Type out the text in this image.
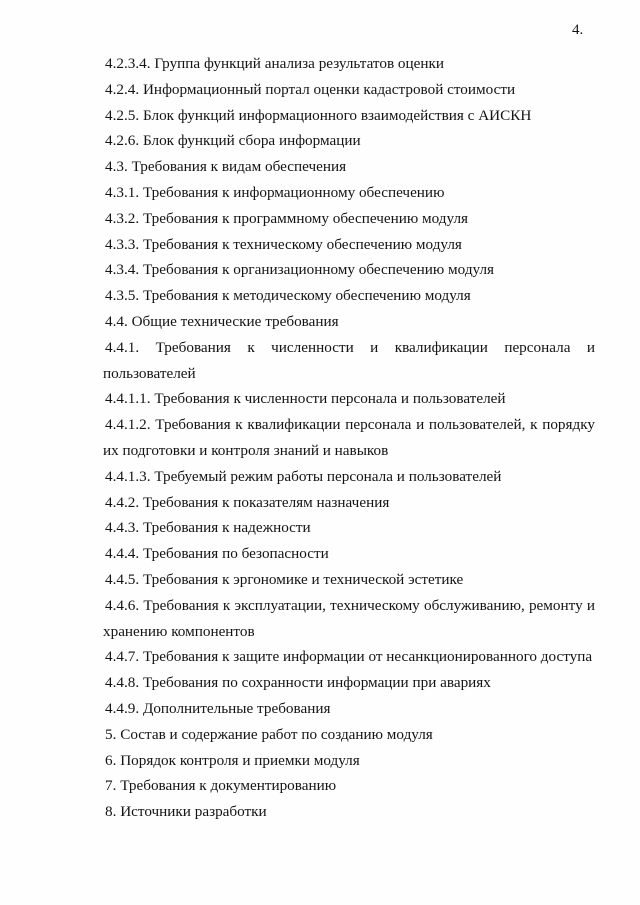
4.
4.2.3.4. Группа функций анализа результатов оценки
4.2.4. Информационный портал оценки кадастровой стоимости
4.2.5. Блок функций информационного взаимодействия с АИСКН
4.2.6. Блок функций сбора информации
4.3. Требования к видам обеспечения
4.3.1. Требования к информационному обеспечению
4.3.2. Требования к программному обеспечению модуля
4.3.3. Требования к техническому обеспечению модуля
4.3.4. Требования к организационному обеспечению модуля
4.3.5. Требования к методическому обеспечению модуля
4.4. Общие технические требования
4.4.1. Требования к численности и квалификации персонала и
пользователей
4.4.1.1. Требования к численности персонала и пользователей
4.4.1.2. Требования к квалификации персонала и пользователей, к порядку
их подготовки и контроля знаний и навыков
4.4.1.3. Требуемый режим работы персонала и пользователей
4.4.2. Требования к показателям назначения
4.4.3. Требования к надежности
4.4.4. Требования по безопасности
4.4.5. Требования к эргономике и технической эстетике
4.4.6. Требования к эксплуатации, техническому обслуживанию, ремонту и
хранению компонентов
4.4.7. Требования к защите информации от несанкционированного доступа
4.4.8. Требования по сохранности информации при авариях
4.4.9. Дополнительные требования
5. Состав и содержание работ по созданию модуля
6. Порядок контроля и приемки модуля
7. Требования к документированию
8. Источники разработки
